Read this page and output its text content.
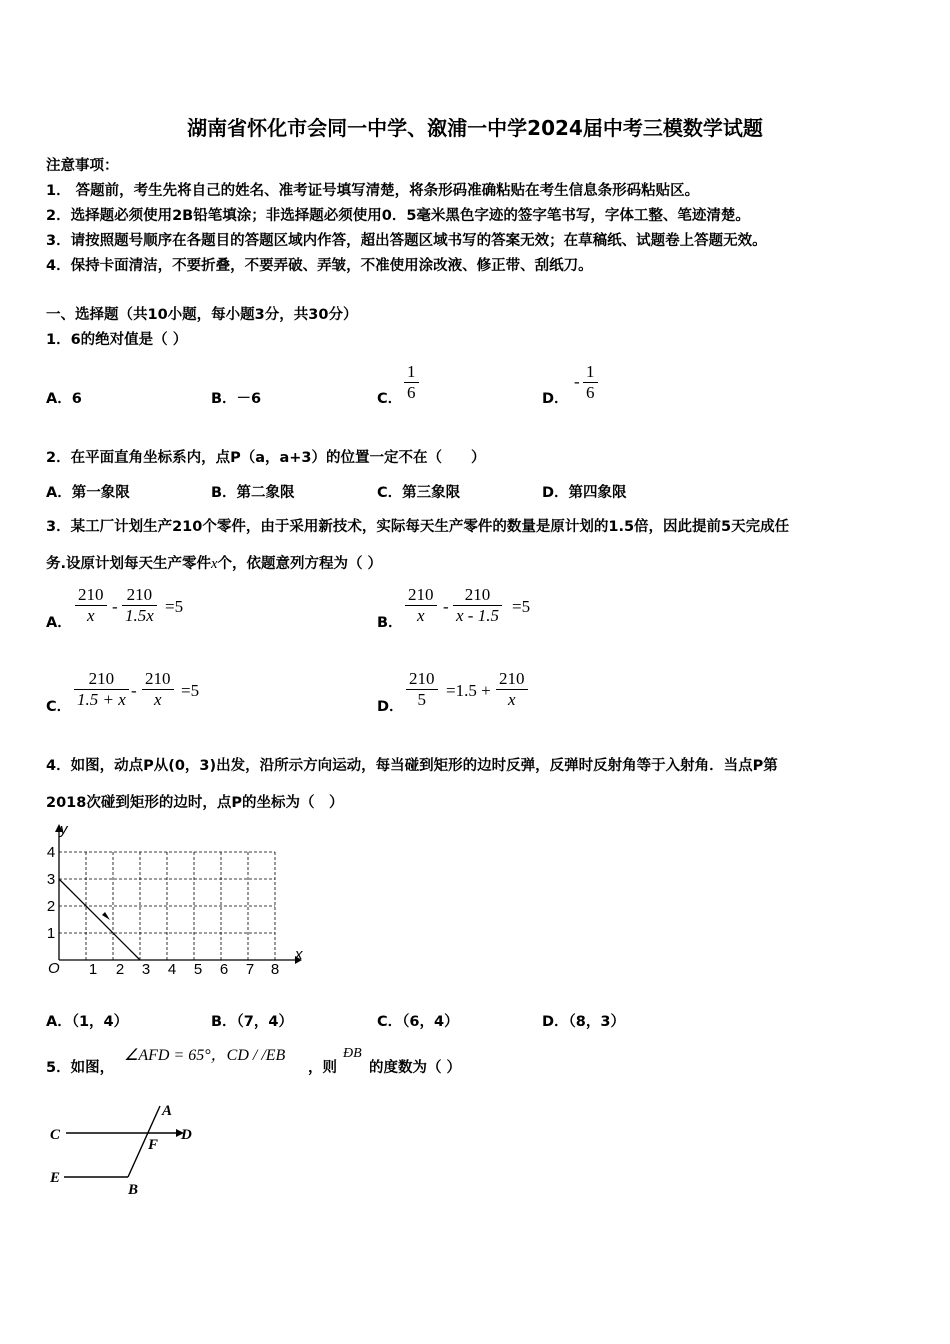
湖南省怀化市会同一中学、溆浦一中学2024届中考三模数学试题
注意事项：
1． 答题前，考生先将自己的姓名、准考证号填写清楚，将条形码准确粘贴在考生信息条形码粘贴区。
2．选择题必须使用2B铅笔填涂；非选择题必须使用0．5毫米黑色字迹的签字笔书写，字体工整、笔迹清楚。
3．请按照题号顺序在各题目的答题区域内作答，超出答题区域书写的答案无效；在草稿纸、试题卷上答题无效。
4．保持卡面清洁，不要折叠，不要弄破、弄皱，不准使用涂改液、修正带、刮纸刀。
一、选择题（共10小题，每小题3分，共30分）
1．6的绝对值是（ ）
A．6	B．－6	C． $\frac{1}{6}$	D．
- $\frac{1}{6}$
2．在平面直角坐标系内，点P（a，a+3）的位置一定不在（　　）
A．第一象限	B．第二象限	C．第三象限	D．第四象限
3．某工厂计划生产210个零件，由于采用新技术，实际每天生产零件的数量是原计划的1.5倍，因此提前5天完成任
务.设原计划每天生产零件x个，依题意列方程为（ ）
A． $\frac{210}{x} - \frac{210}{1.5x} =5$
B． $\frac{210}{x} - \frac{210}{x - 1.5} =5$
C． $\frac{210}{1.5 + x} - \frac{210}{x} =5$
D． $\frac{210}{5} =1.5 + \frac{210}{x}$
4．如图，动点P从(0，3)出发，沿所示方向运动，每当碰到矩形的边时反弹，反弹时反射角等于入射角．当点P第
2018次碰到矩形的边时，点P的坐标为（　）
y
x
O
1
2
3
4
1 2 3 4 5 6 7 8
A．（1，4）	B．（7，4）	C．（6，4）	D．（8，3）
5．如图，
∠AFD = 65°，CD / /EB
，则
ÐB
的度数为（ ）
A
C	D
F
E
B
